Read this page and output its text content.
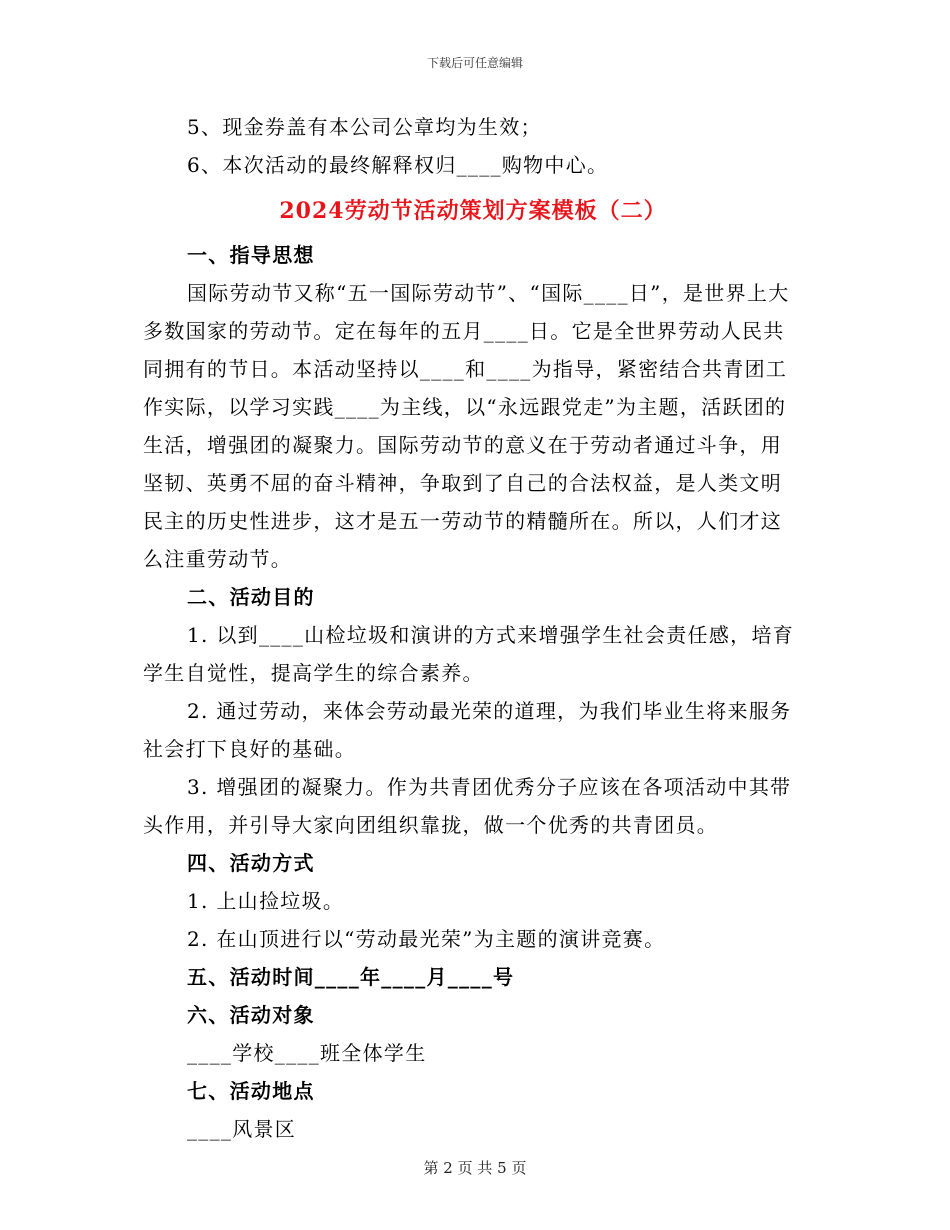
下载后可任意编辑

5、现金券盖有本公司公章均为生效；

6、本次活动的最终解释权归____购物中心。

2024劳动节活动策划方案模板（二）

一、指导思想

国际劳动节又称“五一国际劳动节”、“国际____日”，是世界上大多数国家的劳动节。定在每年的五月____日。它是全世界劳动人民共同拥有的节日。本活动坚持以____和____为指导，紧密结合共青团工作实际，以学习实践____为主线，以“永远跟党走”为主题，活跃团的生活，增强团的凝聚力。国际劳动节的意义在于劳动者通过斗争，用坚韧、英勇不屈的奋斗精神，争取到了自己的合法权益，是人类文明民主的历史性进步，这才是五一劳动节的精髓所在。所以，人们才这么注重劳动节。

二、活动目的

1. 以到____山检垃圾和演讲的方式来增强学生社会责任感，培育学生自觉性，提高学生的综合素养。

2. 通过劳动，来体会劳动最光荣的道理，为我们毕业生将来服务社会打下良好的基础。

3. 增强团的凝聚力。作为共青团优秀分子应该在各项活动中其带头作用，并引导大家向团组织靠拢，做一个优秀的共青团员。

四、活动方式

1. 上山捡垃圾。

2. 在山顶进行以“劳动最光荣”为主题的演讲竞赛。

五、活动时间____年____月____号

六、活动对象

____学校____班全体学生

七、活动地点

____风景区

第 2 页 共 5 页
